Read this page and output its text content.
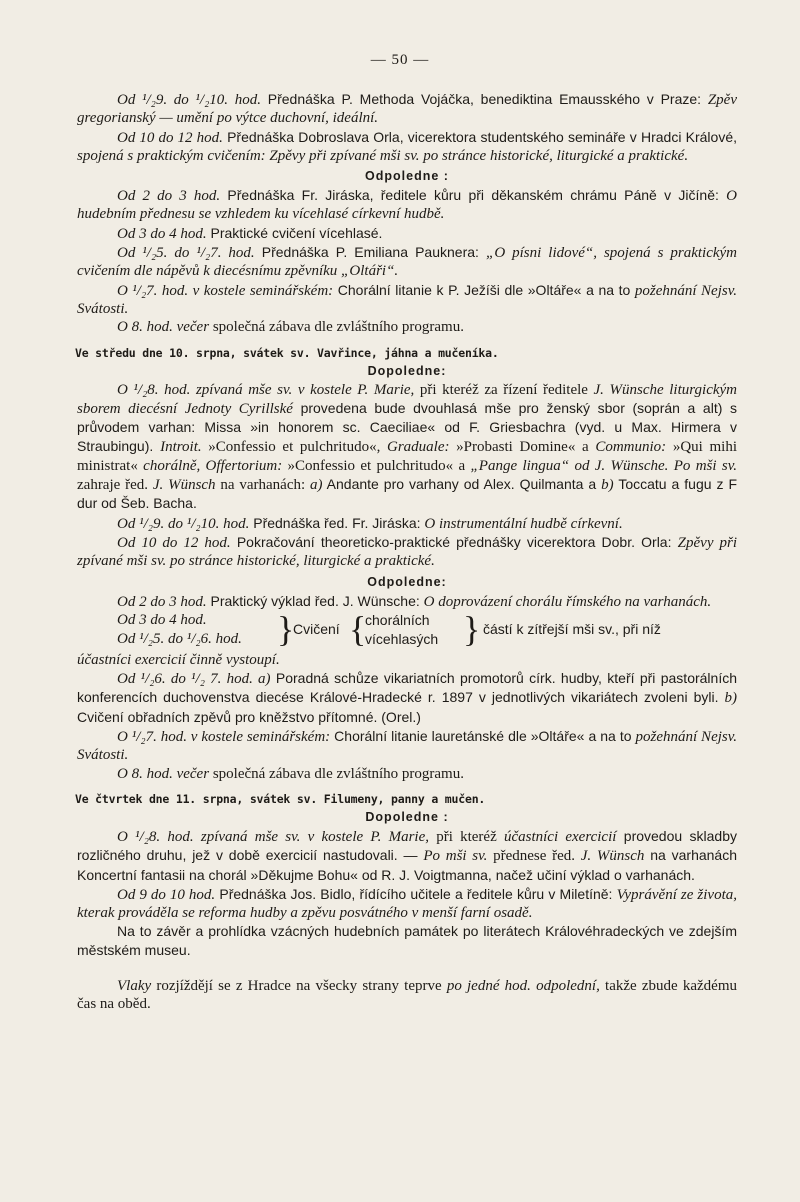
— 50 —

Od ¹/₂9. do ¹/₂10. hod. Přednáška P. Methoda Vojáčka, benediktina Emausského v Praze: Zpěv gregorianský — umění po výtce duchovní, ideální.

Od 10 do 12 hod. Přednáška Dobroslava Orla, vicerektora studentského semináře v Hradci Králové, spojená s praktickým cvičením: Zpěvy při zpívané mši sv. po stránce historické, liturgické a praktické.

Odpoledne :

Od 2 do 3 hod. Přednáška Fr. Jiráska, ředitele kůru při děkanském chrámu Páně v Jičíně: O hudebním přednesu se vzhledem ku vícehlasé církevní hudbě.

Od 3 do 4 hod. Praktické cvičení vícehlasé.

Od ¹/₂5. do ¹/₂7. hod. Přednáška P. Emiliana Pauknera: „O písni lidové“, spojená s praktickým cvičením dle nápěvů k diecésnímu zpěvníku „Oltáři“.

O ¹/₂7. hod. v kostele seminářském: Chorální litanie k P. Ježíši dle »Oltáře« a na to požehnání Nejsv. Svátosti.

O 8. hod. večer společná zábava dle zvláštního programu.

Ve středu dne 10. srpna, svátek sv. Vavřince, jáhna a mučeníka.
Dopoledne:

O ¹/₂8. hod. zpívaná mše sv. v kostele P. Marie, při kteréž za řízení ředitele J. Wünsche liturgickým sborem diecésní Jednoty Cyrillské provedena bude dvouhlasá mše pro ženský sbor (soprán a alt) s průvodem varhan: Missa »in honorem sc. Caeciliae« od F. Griesbachra (vyd. u Max. Hirmera v Straubingu). Introit. »Confessio et pulchritudo«, Graduale: »Probasti Domine« a Communio: »Qui mihi ministrat« chorálně, Offertorium: »Confessio et pulchritudo« a „Pange lingua“ od J. Wünsche. Po mši sv. zahraje řed. J. Wünsch na varhanách: a) Andante pro varhany od Alex. Quilmanta a b) Toccatu a fugu z F dur od Šeb. Bacha.

Od ¹/₂9. do ¹/₂10. hod. Přednáška řed. Fr. Jiráska: O instrumentální hudbě církevní.

Od 10 do 12 hod. Pokračování theoreticko-praktické přednášky vicerektora Dobr. Orla: Zpěvy při zpívané mši sv. po stránce historické, liturgické a praktické.

Odpoledne:

Od 2 do 3 hod. Praktický výklad řed. J. Wünsche: O doprovázení chorálu římského na varhanách.

Od 3 do 4 hod.
Od ¹/₂5. do ¹/₂6. hod. }
Cvičení {
chorálních
vícehlasých } částí k zítřejší mši sv., při níž

účastníci exercicií činně vystoupí.

Od ¹/₂6. do ¹/₂ 7. hod. a) Poradná schůze vikariatních promotorů círk. hudby, kteří při pastorálních konferencích duchovenstva diecése Králové-Hradecké r. 1897 v jednotlivých vikariátech zvoleni byli. b) Cvičení obřadních zpěvů pro kněžstvo přítomné. (Orel.)

O ¹/₂7. hod. v kostele seminářském: Chorální litanie lauretánské dle »Oltáře« a na to požehnání Nejsv. Svátosti.

O 8. hod. večer společná zábava dle zvláštního programu.

Ve čtvrtek dne 11. srpna, svátek sv. Filumeny, panny a mučen.
Dopoledne :

O ¹/₂8. hod. zpívaná mše sv. v kostele P. Marie, při kteréž účastníci exercicií provedou skladby rozličného druhu, jež v době exercicií nastudovali. — Po mši sv. přednese řed. J. Wünsch na varhanách Koncertní fantasii na chorál »Děkujme Bohu« od R. J. Voigtmanna, načež učiní výklad o varhanách.

Od 9 do 10 hod. Přednáška Jos. Bidlo, řídícího učitele a ředitele kůru v Miletíně: Vyprávění ze života, kterak prováděla se reforma hudby a zpěvu posvátného v menší farní osadě.

Na to závěr a prohlídka vzácných hudebních památek po literátech Královéhradeckých ve zdejším městském museu.

Vlaky rozjíždějí se z Hradce na všecky strany teprve po jedné hod. odpolední, takže zbude každému čas na oběd.
